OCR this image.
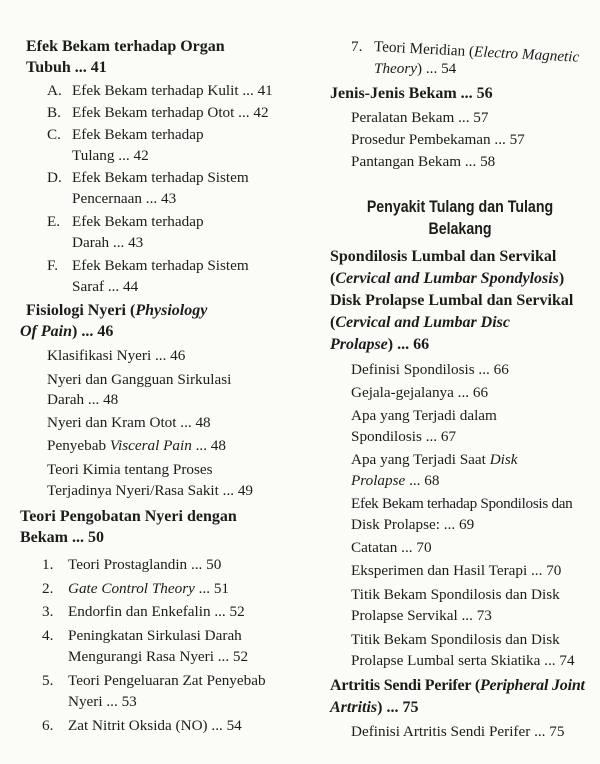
Efek Bekam terhadap Organ
Tubuh ... 41
A. Efek Bekam terhadap Kulit ... 41
B. Efek Bekam terhadap Otot ... 42
C. Efek Bekam terhadap
Tulang ... 42
D. Efek Bekam terhadap Sistem
Pencernaan ... 43
E. Efek Bekam terhadap
Darah ... 43
F. Efek Bekam terhadap Sistem
Saraf ... 44
Fisiologi Nyeri (Physiology
Of Pain) ... 46
Klasifikasi Nyeri ... 46
Nyeri dan Gangguan Sirkulasi
Darah ... 48
Nyeri dan Kram Otot ... 48
Penyebab Visceral Pain ... 48
Teori Kimia tentang Proses
Terjadinya Nyeri/Rasa Sakit ... 49
Teori Pengobatan Nyeri dengan
Bekam ... 50
1. Teori Prostaglandin ... 50
2. Gate Control Theory ... 51
3. Endorfin dan Enkefalin ... 52
4. Peningkatan Sirkulasi Darah
Mengurangi Rasa Nyeri ... 52
5. Teori Pengeluaran Zat Penyebab
Nyeri ... 53
6. Zat Nitrit Oksida (NO) ... 54
7. Teori Meridian (Electro Magnetic
Theory) ... 54
Jenis-Jenis Bekam ... 56
Peralatan Bekam ... 57
Prosedur Pembekaman ... 57
Pantangan Bekam ... 58
Penyakit Tulang dan Tulang
Belakang
Spondilosis Lumbal dan Servikal
(Cervical and Lumbar Spondylosis)
Disk Prolapse Lumbal dan Servikal
(Cervical and Lumbar Disc
Prolapse) ... 66
Definisi Spondilosis ... 66
Gejala-gejalanya ... 66
Apa yang Terjadi dalam
Spondilosis ... 67
Apa yang Terjadi Saat Disk
Prolapse ... 68
Efek Bekam terhadap Spondilosis dan
Disk Prolapse: ... 69
Catatan ... 70
Eksperimen dan Hasil Terapi ... 70
Titik Bekam Spondilosis dan Disk
Prolapse Servikal ... 73
Titik Bekam Spondilosis dan Disk
Prolapse Lumbal serta Skiatika ... 74
Artritis Sendi Perifer (Peripheral Joint
Artritis) ... 75
Definisi Artritis Sendi Perifer ... 75
